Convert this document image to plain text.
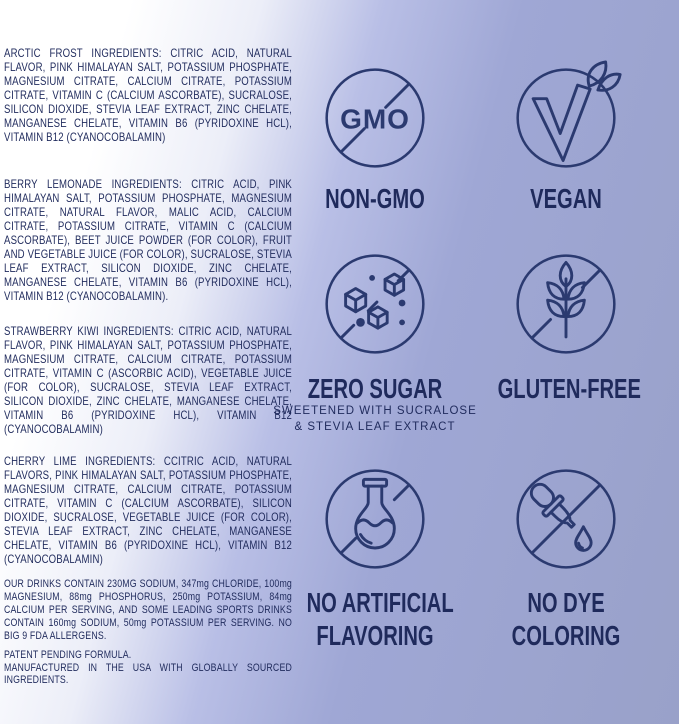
ARCTIC FROST INGREDIENTS: CITRIC ACID, NATURAL FLAVOR, PINK HIMALAYAN SALT, POTASSIUM PHOSPHATE, MAGNESIUM CITRATE, CALCIUM CITRATE, POTASSIUM CITRATE, VITAMIN C (CALCIUM ASCORBATE), SUCRALOSE, SILICON DIOXIDE, STEVIA LEAF EXTRACT, ZINC CHELATE, MANGANESE CHELATE, VITAMIN B6 (PYRIDOXINE HCL), VITAMIN B12 (CYANOCOBALAMIN)
BERRY LEMONADE INGREDIENTS: CITRIC ACID, PINK HIMALAYAN SALT, POTASSIUM PHOSPHATE, MAGNESIUM CITRATE, NATURAL FLAVOR, MALIC ACID, CALCIUM CITRATE, POTASSIUM CITRATE, VITAMIN C (CALCIUM ASCORBATE), BEET JUICE POWDER (FOR COLOR), FRUIT AND VEGETABLE JUICE (FOR COLOR), SUCRALOSE, STEVIA LEAF EXTRACT, SILICON DIOXIDE, ZINC CHELATE, MANGANESE CHELATE, VITAMIN B6 (PYRIDOXINE HCL), VITAMIN B12 (CYANOCOBALAMIN).
STRAWBERRY KIWI INGREDIENTS: CITRIC ACID, NATURAL FLAVOR, PINK HIMALAYAN SALT, POTASSIUM PHOSPHATE, MAGNESIUM CITRATE, CALCIUM CITRATE, POTASSIUM CITRATE, VITAMIN C (ASCORBIC ACID), VEGETABLE JUICE (FOR COLOR), SUCRALOSE, STEVIA LEAF EXTRACT, SILICON DIOXIDE, ZINC CHELATE, MANGANESE CHELATE, VITAMIN B6 (PYRIDOXINE HCL), VITAMIN B12 (CYANOCOBALAMIN)
CHERRY LIME INGREDIENTS: CCITRIC ACID, NATURAL FLAVORS, PINK HIMALAYAN SALT, POTASSIUM PHOSPHATE, MAGNESIUM CITRATE, CALCIUM CITRATE, POTASSIUM CITRATE, VITAMIN C (CALCIUM ASCORBATE), SILICON DIOXIDE, SUCRALOSE, VEGETABLE JUICE (FOR COLOR), STEVIA LEAF EXTRACT, ZINC CHELATE, MANGANESE CHELATE, VITAMIN B6 (PYRIDOXINE HCL), VITAMIN B12 (CYANOCOBALAMIN)
OUR DRINKS CONTAIN 230MG SODIUM, 347mg CHLORIDE, 100mg MAGNESIUM, 88mg PHOSPHORUS, 250mg POTASSIUM, 84mg CALCIUM PER SERVING, AND SOME LEADING SPORTS DRINKS CONTAIN 160mg SODIUM, 50mg POTASSIUM PER SERVING. NO BIG 9 FDA ALLERGENS.
PATENT PENDING FORMULA.
MANUFACTURED IN THE USA WITH GLOBALLY SOURCED INGREDIENTS.
GMO
NON-GMO	VEGAN
ZERO SUGAR
SWEETENED WITH SUCRALOSE
& STEVIA LEAF EXTRACT
GLUTEN-FREE
NO ARTIFICIAL
FLAVORING
NO DYE
COLORING
